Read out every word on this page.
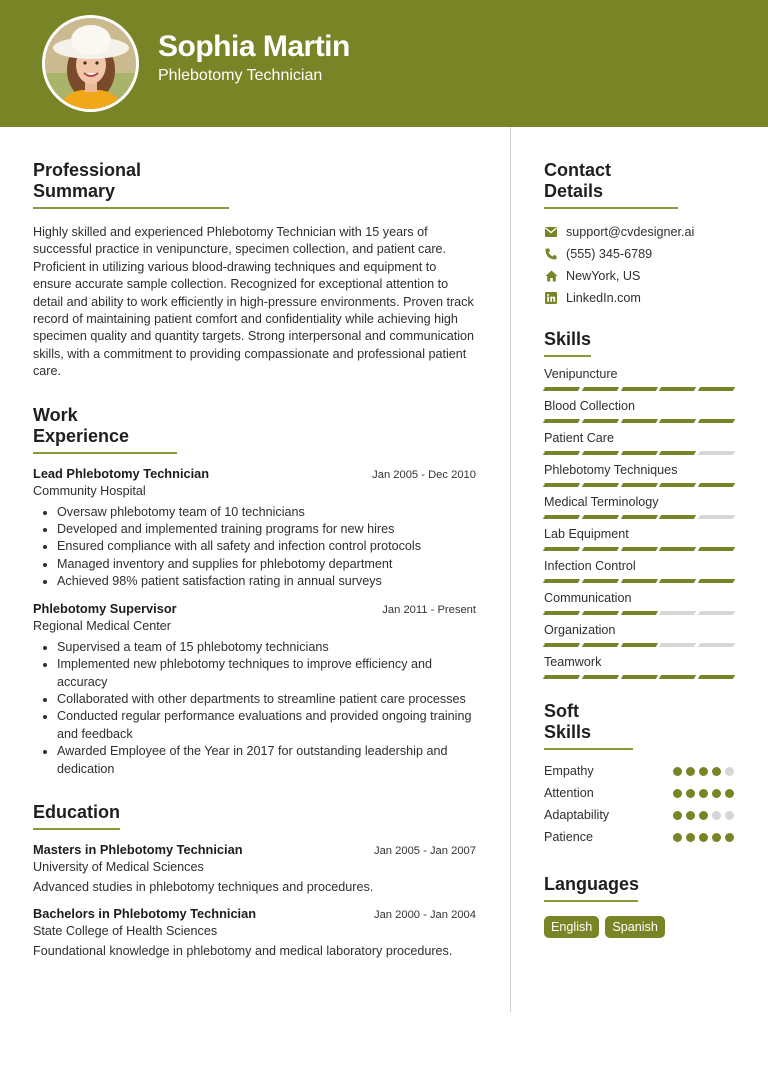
Sophia Martin
Phlebotomy Technician
Professional Summary

Highly skilled and experienced Phlebotomy Technician with 15 years of successful practice in venipuncture, specimen collection, and patient care. Proficient in utilizing various blood-drawing techniques and equipment to ensure accurate sample collection. Recognized for exceptional attention to detail and ability to work efficiently in high-pressure environments. Proven track record of maintaining patient comfort and confidentiality while achieving high specimen quality and quantity targets. Strong interpersonal and communication skills, with a commitment to providing compassionate and professional patient care.

Work Experience
Lead Phlebotomy Technician	Jan 2005 - Dec 2010
Community Hospital
• Oversaw phlebotomy team of 10 technicians
• Developed and implemented training programs for new hires
• Ensured compliance with all safety and infection control protocols
• Managed inventory and supplies for phlebotomy department
• Achieved 98% patient satisfaction rating in annual surveys
Phlebotomy Supervisor	Jan 2011 - Present
Regional Medical Center
• Supervised a team of 15 phlebotomy technicians
• Implemented new phlebotomy techniques to improve efficiency and accuracy
• Collaborated with other departments to streamline patient care processes
• Conducted regular performance evaluations and provided ongoing training and feedback
• Awarded Employee of the Year in 2017 for outstanding leadership and dedication
Education
Masters in Phlebotomy Technician	Jan 2005 - Jan 2007
University of Medical Sciences
Advanced studies in phlebotomy techniques and procedures.
Bachelors in Phlebotomy Technician	Jan 2000 - Jan 2004
State College of Health Sciences
Foundational knowledge in phlebotomy and medical laboratory procedures.
Contact Details
support@cvdesigner.ai
(555) 345-6789
NewYork, US
LinkedIn.com
Skills
Venipuncture
Blood Collection
Patient Care
Phlebotomy Techniques
Medical Terminology
Lab Equipment
Infection Control
Communication
Organization
Teamwork
Soft Skills
Empathy
Attention
Adaptability
Patience
Languages
English	Spanish
